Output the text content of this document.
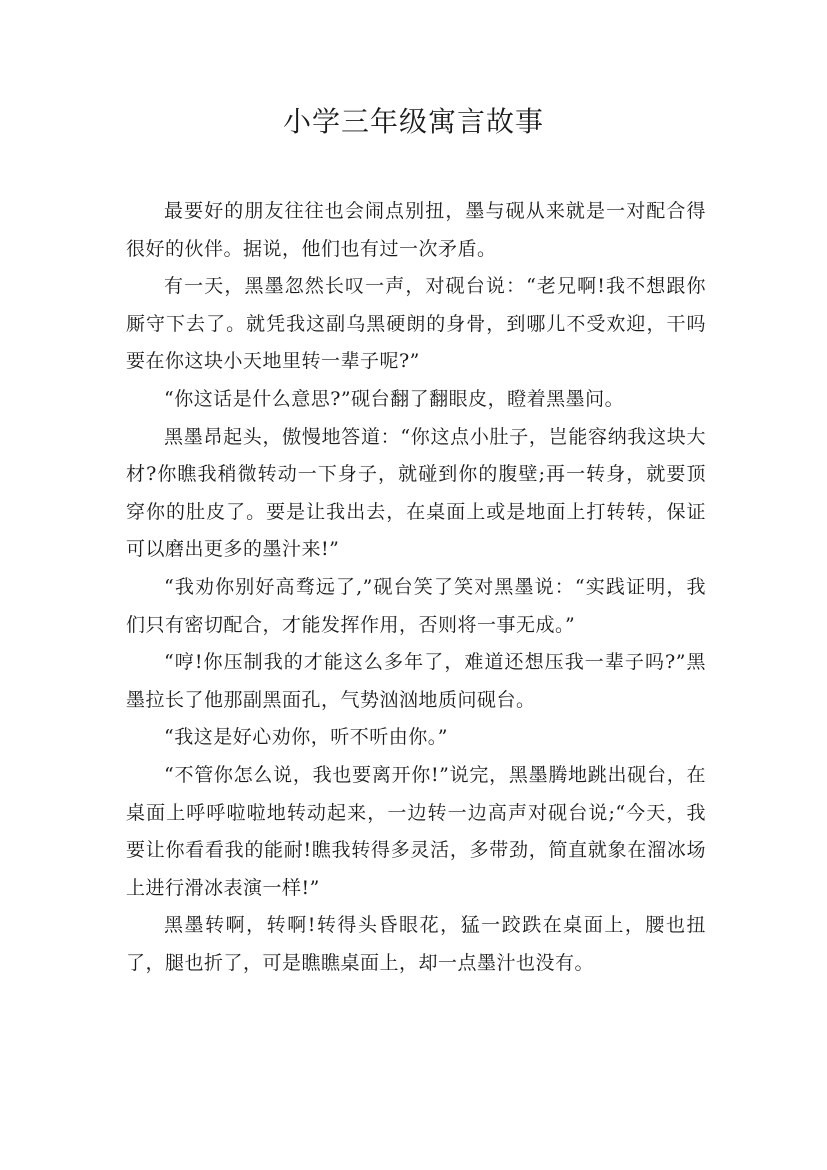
小学三年级寓言故事

最要好的朋友往往也会闹点别扭，墨与砚从来就是一对配合得很好的伙伴。据说，他们也有过一次矛盾。

有一天，黑墨忽然长叹一声，对砚台说：“老兄啊!我不想跟你厮守下去了。就凭我这副乌黑硬朗的身骨，到哪儿不受欢迎，干吗要在你这块小天地里转一辈子呢?”

“你这话是什么意思?”砚台翻了翻眼皮，瞪着黑墨问。

黑墨昂起头，傲慢地答道：“你这点小肚子，岂能容纳我这块大材?你瞧我稍微转动一下身子，就碰到你的腹壁;再一转身，就要顶穿你的肚皮了。要是让我出去，在桌面上或是地面上打转转，保证可以磨出更多的墨汁来!”

“我劝你别好高骛远了,”砚台笑了笑对黑墨说：“实践证明，我们只有密切配合，才能发挥作用，否则将一事无成。”

“哼!你压制我的才能这么多年了，难道还想压我一辈子吗?”黑墨拉长了他那副黑面孔，气势汹汹地质问砚台。

“我这是好心劝你，听不听由你。”

“不管你怎么说，我也要离开你!”说完，黑墨腾地跳出砚台，在桌面上呼呼啦啦地转动起来，一边转一边高声对砚台说;“今天，我要让你看看我的能耐!瞧我转得多灵活，多带劲，简直就象在溜冰场上进行滑冰表演一样!”

黑墨转啊，转啊!转得头昏眼花，猛一跤跌在桌面上，腰也扭了，腿也折了，可是瞧瞧桌面上，却一点墨汁也没有。
